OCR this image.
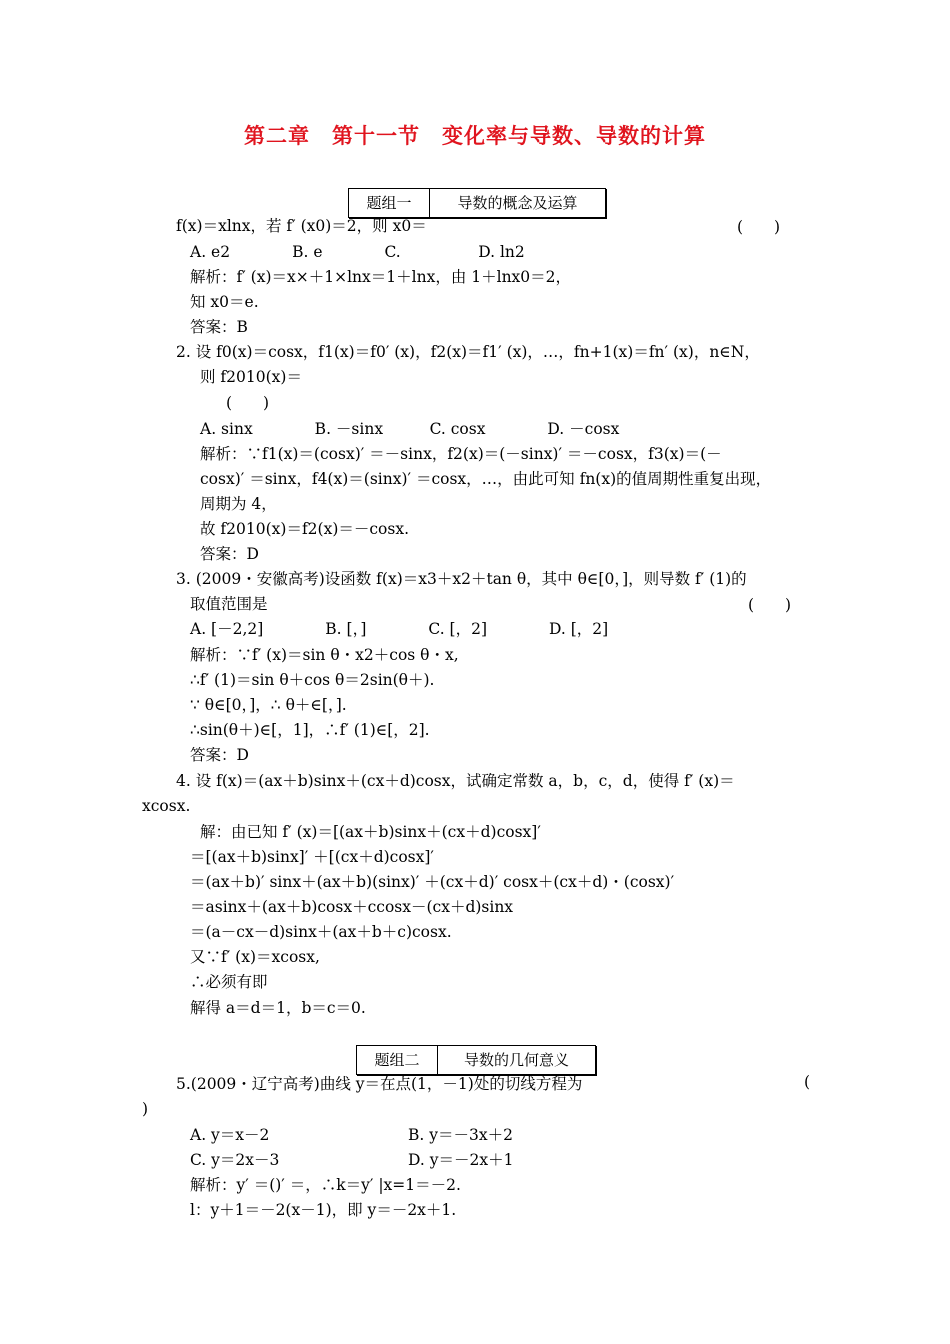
第二章　第十一节　变化率与导数、导数的计算
题组一	导数的概念及运算
f(x)＝xlnx，若 f′ (x0)＝2，则 x0＝	(　　)
A. e2　　　　B. e　　　　C.　　　　　D. ln2
解析：f′ (x)＝x×＋1×lnx＝1＋lnx，由 1＋lnx0＝2，
知 x0＝e.
答案：B
2. 设 f0(x)＝cosx，f1(x)＝f0′ (x)，f2(x)＝f1′ (x)，…，fn+1(x)＝fn′ (x)，n∈N，
则 f2010(x)＝
(　　)
A. sinx　　　　B. －sinx　　　C. cosx　　　　D. －cosx
解析：∵f1(x)＝(cosx)′ ＝－sinx，f2(x)＝(－sinx)′ ＝－cosx，f3(x)＝(－
cosx)′ ＝sinx，f4(x)＝(sinx)′ ＝cosx，…，由此可知 fn(x)的值周期性重复出现，
周期为 4，
故 f2010(x)＝f2(x)＝－cosx.
答案：D
3. (2009・安徽高考)设函数 f(x)＝x3＋x2＋tan θ，其中 θ∈[0，]，则导数 f′ (1)的
取值范围是	(　　)
A. [－2,2]　　　　B. [，]　　　　C. [，2]　　　　D. [，2]
解析：∵f′ (x)＝sin θ・x2＋cos θ・x,
∴f′ (1)＝sin θ＋cos θ＝2sin(θ＋).
∵ θ∈[0，]，∴ θ＋∈[，].
∴sin(θ＋)∈[，1]，∴f′ (1)∈[，2].
答案：D
4. 设 f(x)＝(ax＋b)sinx＋(cx＋d)cosx，试确定常数 a，b，c，d，使得 f′ (x)＝
xcosx.
解：由已知 f′ (x)＝[(ax＋b)sinx＋(cx＋d)cosx]′
＝[(ax＋b)sinx]′ ＋[(cx＋d)cosx]′
＝(ax＋b)′ sinx＋(ax＋b)(sinx)′ ＋(cx＋d)′ cosx＋(cx＋d)・(cosx)′
＝asinx＋(ax＋b)cosx＋ccosx－(cx＋d)sinx
＝(a－cx－d)sinx＋(ax＋b＋c)cosx.
又∵f′ (x)＝xcosx,
∴必须有即
解得 a＝d＝1，b＝c＝0.
题组二	导数的几何意义
5.(2009・辽宁高考)曲线 y＝在点(1，－1)处的切线方程为	(
)
A. y＝x－2	B. y＝－3x＋2
C. y＝2x－3	D. y＝－2x＋1
解析：y′ ＝()′ ＝，∴k＝y′ |x=1＝－2.
l：y＋1＝－2(x－1)，即 y＝－2x＋1.
